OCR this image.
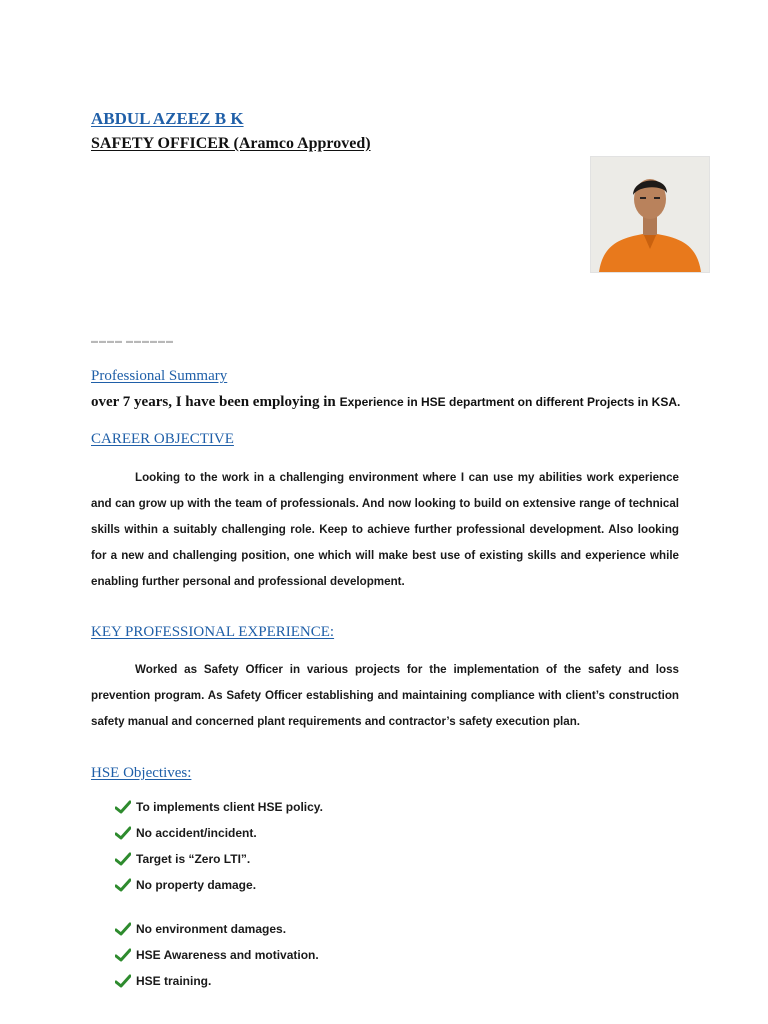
ABDUL AZEEZ B K
SAFETY OFFICER (Aramco Approved)
▬▬▬▬ ▬▬▬▬▬▬
Professional Summary
over 7 years, I have been employing in Experience in HSE department on different Projects in KSA.
CAREER OBJECTIVE
Looking to the work in a challenging environment where I can use my abilities work experience and can grow up with the team of professionals. And now looking to build on extensive range of technical skills within a suitably challenging role. Keep to achieve further professional development. Also looking for a new and challenging position, one which will make best use of existing skills and experience while enabling further personal and professional development.
KEY PROFESSIONAL EXPERIENCE:
Worked as Safety Officer in various projects for the implementation of the safety and loss prevention program. As Safety Officer establishing and maintaining compliance with client’s construction safety manual and concerned plant requirements and contractor’s safety execution plan.
HSE Objectives:
To implements client HSE policy.
No accident/incident.
Target is “Zero LTI”.
No property damage.
No environment damages.
HSE Awareness and motivation.
HSE training.
